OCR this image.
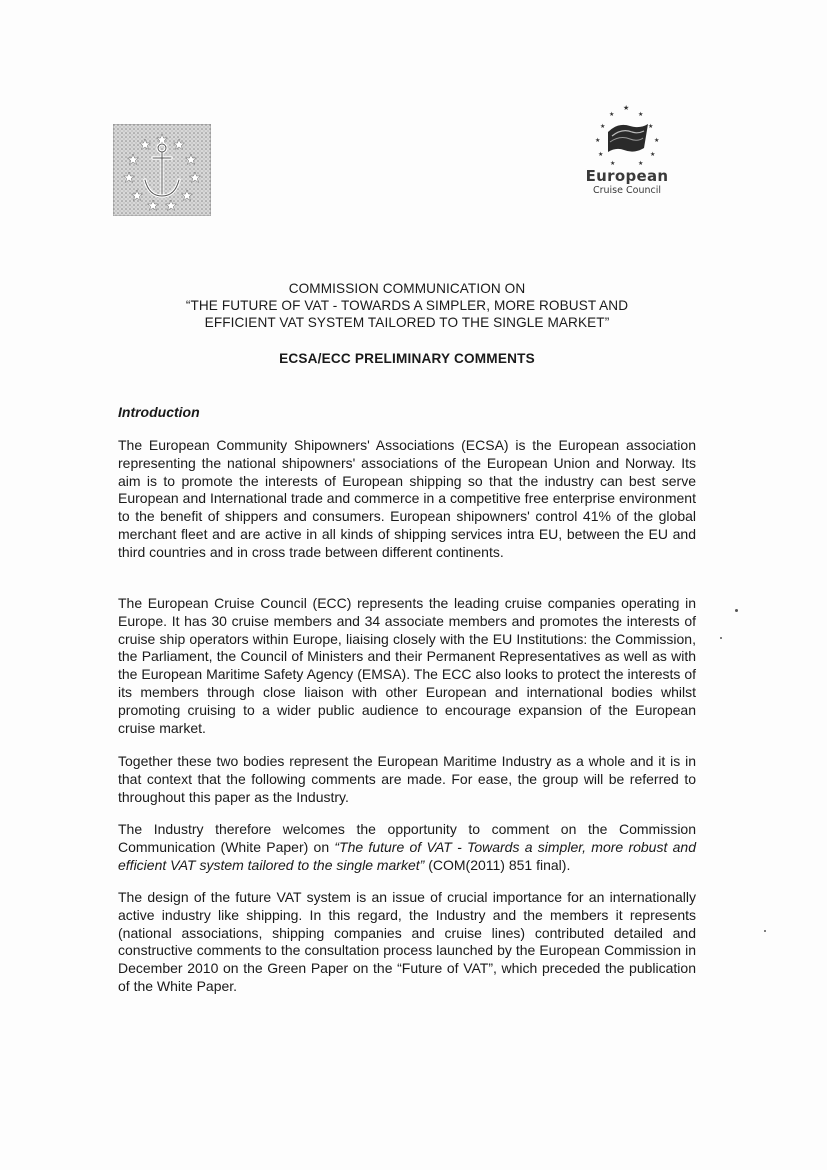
★
★	★
★	★
★	★
★	★
★	★
European
Cruise Council
COMMISSION COMMUNICATION ON
“THE FUTURE OF VAT - TOWARDS A SIMPLER, MORE ROBUST AND
EFFICIENT VAT SYSTEM TAILORED TO THE SINGLE MARKET”
ECSA/ECC PRELIMINARY COMMENTS
Introduction

The European Community Shipowners' Associations (ECSA) is the European association representing the national shipowners' associations of the European Union and Norway. Its aim is to promote the interests of European shipping so that the industry can best serve European and International trade and commerce in a competitive free enterprise environment to the benefit of shippers and consumers. European shipowners' control 41% of the global merchant fleet and are active in all kinds of shipping services intra EU, between the EU and third countries and in cross trade between different continents.

The European Cruise Council (ECC) represents the leading cruise companies operating in Europe. It has 30 cruise members and 34 associate members and promotes the interests of cruise ship operators within Europe, liaising closely with the EU Institutions: the Commission, the Parliament, the Council of Ministers and their Permanent Representatives as well as with the European Maritime Safety Agency (EMSA). The ECC also looks to protect the interests of its members through close liaison with other European and international bodies whilst promoting cruising to a wider public audience to encourage expansion of the European cruise market.

Together these two bodies represent the European Maritime Industry as a whole and it is in that context that the following comments are made. For ease, the group will be referred to throughout this paper as the Industry.

The Industry therefore welcomes the opportunity to comment on the Commission Communication (White Paper) on “The future of VAT - Towards a simpler, more robust and efficient VAT system tailored to the single market” (COM(2011) 851 final).

The design of the future VAT system is an issue of crucial importance for an internationally active industry like shipping. In this regard, the Industry and the members it represents (national associations, shipping companies and cruise lines) contributed detailed and constructive comments to the consultation process launched by the European Commission in December 2010 on the Green Paper on the “Future of VAT”, which preceded the publication of the White Paper.
